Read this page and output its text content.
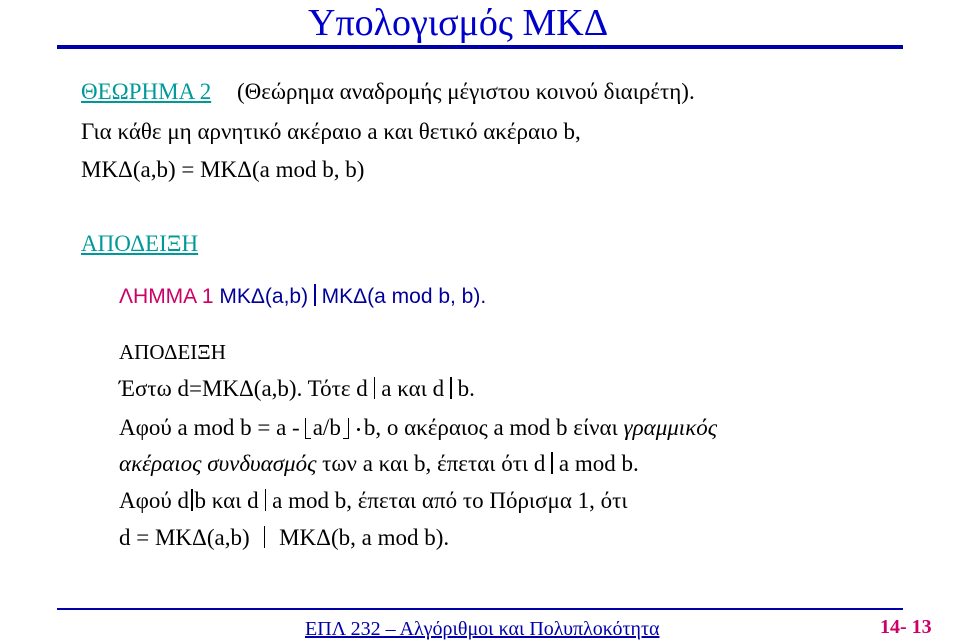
Υπολογισμός ΜΚΔ
ΘΕΩΡΗΜΑ 2 (Θεώρημα αναδρομής μέγιστου κοινού διαιρέτη).
Για κάθε μη αρνητικό ακέραιο a και θετικό ακέραιο b,
ΜΚΔ(a,b) = ΜΚΔ(a mod b, b)
ΑΠΟΔΕΙΞΗ
ΛΗΜΜΑ 1 ΜΚΔ(a,b) ΜΚΔ(a mod b, b).
ΑΠΟΔΕΙΞΗ
Έστω d=ΜΚΔ(a,b). Τότε d a και d b.
Αφού a mod b = a - a/b b, ο ακέραιος a mod b είναι γραμμικός
ακέραιος συνδυασμός των a και b, έπεται ότι d a mod b.
Αφού d b και d a mod b, έπεται από το Πόρισμα 1, ότι
d = ΜΚΔ(a,b) ΜΚΔ(b, a mod b).
ΕΠΛ 232 – Αλγόριθμοι και Πολυπλοκότητα	14- 13
